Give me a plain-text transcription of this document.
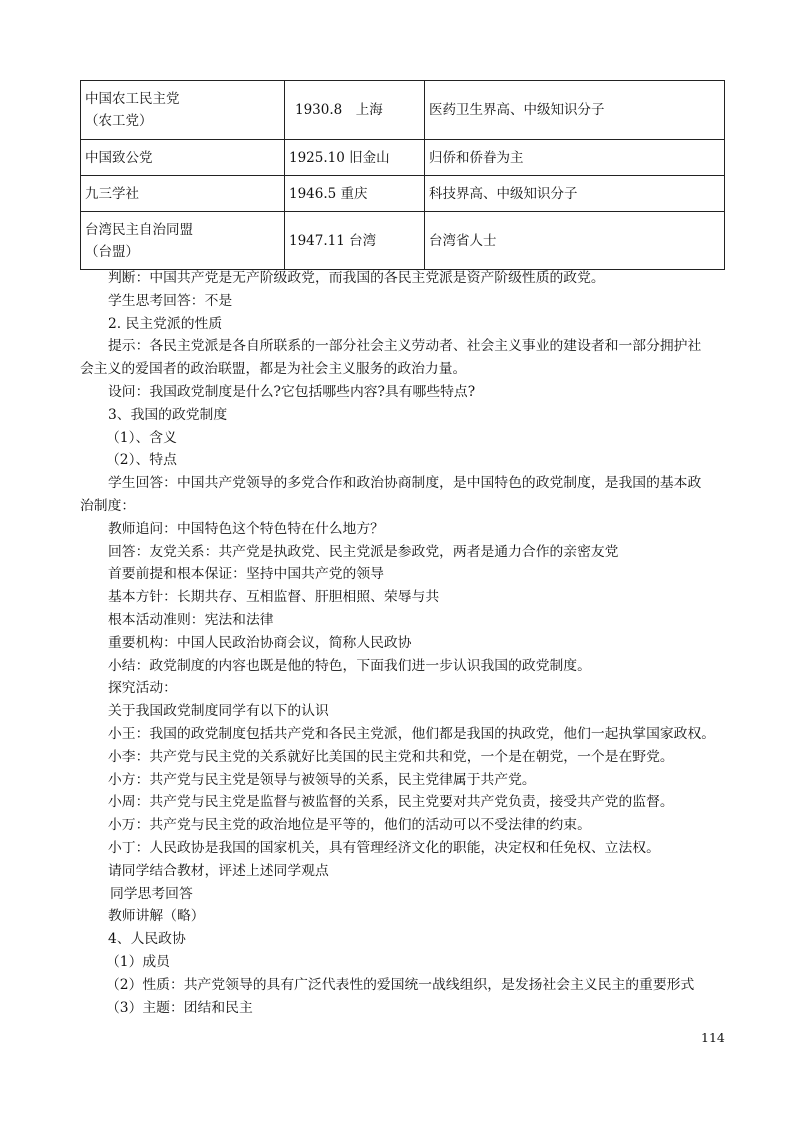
中国农工民主党
（农工党）	1930.8　上海	医药卫生界高、中级知识分子

中国致公党	1925.10 旧金山	归侨和侨眷为主

九三学社	1946.5 重庆	科技界高、中级知识分子

台湾民主自治同盟
（台盟）	1947.11 台湾	台湾省人士
判断：中国共产党是无产阶级政党，而我国的各民主党派是资产阶级性质的政党。
学生思考回答：不是
2. 民主党派的性质
提示：各民主党派是各自所联系的一部分社会主义劳动者、社会主义事业的建设者和一部分拥护社
会主义的爱国者的政治联盟，都是为社会主义服务的政治力量。
设问：我国政党制度是什么?它包括哪些内容?具有哪些特点?
3、我国的政党制度
（1）、含义
（2）、特点
学生回答：中国共产党领导的多党合作和政治协商制度，是中国特色的政党制度，是我国的基本政
治制度：
教师追问：中国特色这个特色特在什么地方？
回答：友党关系：共产党是执政党、民主党派是参政党，两者是通力合作的亲密友党
首要前提和根本保证：坚持中国共产党的领导
基本方针：长期共存、互相监督、肝胆相照、荣辱与共
根本活动准则：宪法和法律
重要机构：中国人民政治协商会议，简称人民政协
小结：政党制度的内容也既是他的特色，下面我们进一步认识我国的政党制度。
探究活动：
关于我国政党制度同学有以下的认识
小王：我国的政党制度包括共产党和各民主党派，他们都是我国的执政党，他们一起执掌国家政权。
小李：共产党与民主党的关系就好比美国的民主党和共和党，一个是在朝党，一个是在野党。
小方：共产党与民主党是领导与被领导的关系，民主党律属于共产党。
小周：共产党与民主党是监督与被监督的关系，民主党要对共产党负责，接受共产党的监督。
小万：共产党与民主党的政治地位是平等的，他们的活动可以不受法律的约束。
小丁：人民政协是我国的国家机关，具有管理经济文化的职能，决定权和任免权、立法权。
请同学结合教材，评述上述同学观点
同学思考回答
教师讲解（略）
4、人民政协
（1）成员
（2）性质：共产党领导的具有广泛代表性的爱国统一战线组织，是发扬社会主义民主的重要形式
（3）主题：团结和民主
114
